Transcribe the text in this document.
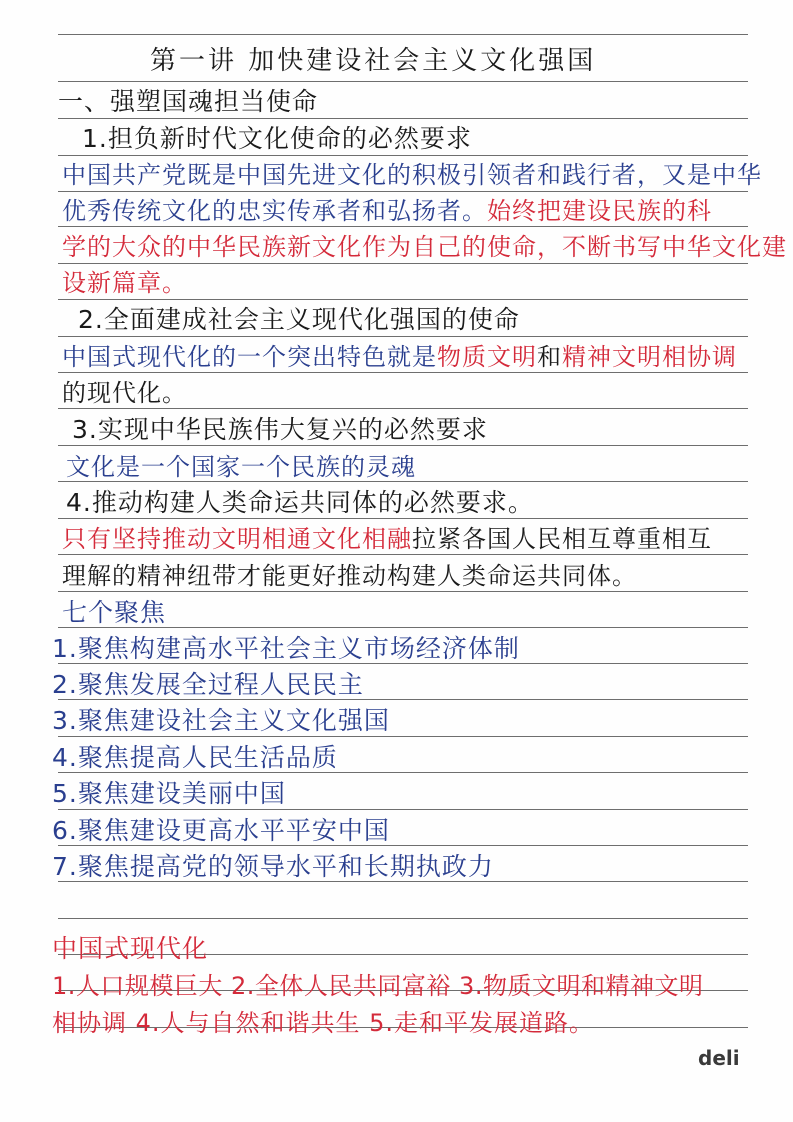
第一讲 加快建设社会主义文化强国
一、强塑国魂担当使命
1.担负新时代文化使命的必然要求
中国共产党既是中国先进文化的积极引领者和践行者，又是中华
优秀传统文化的忠实传承者和弘扬者。始终把建设民族的科
学的大众的中华民族新文化作为自己的使命，不断书写中华文化建
设新篇章。
2.全面建成社会主义现代化强国的使命
中国式现代化的一个突出特色就是物质文明和精神文明相协调
的现代化。
3.实现中华民族伟大复兴的必然要求
文化是一个国家一个民族的灵魂
4.推动构建人类命运共同体的必然要求。
只有坚持推动文明相通文化相融拉紧各国人民相互尊重相互
理解的精神纽带才能更好推动构建人类命运共同体。
七个聚焦
1.聚焦构建高水平社会主义市场经济体制
2.聚焦发展全过程人民民主
3.聚焦建设社会主义文化强国
4.聚焦提高人民生活品质
5.聚焦建设美丽中国
6.聚焦建设更高水平平安中国
7.聚焦提高党的领导水平和长期执政力
中国式现代化
1.人口规模巨大 2.全体人民共同富裕 3.物质文明和精神文明
相协调 4.人与自然和谐共生 5.走和平发展道路。
deli
